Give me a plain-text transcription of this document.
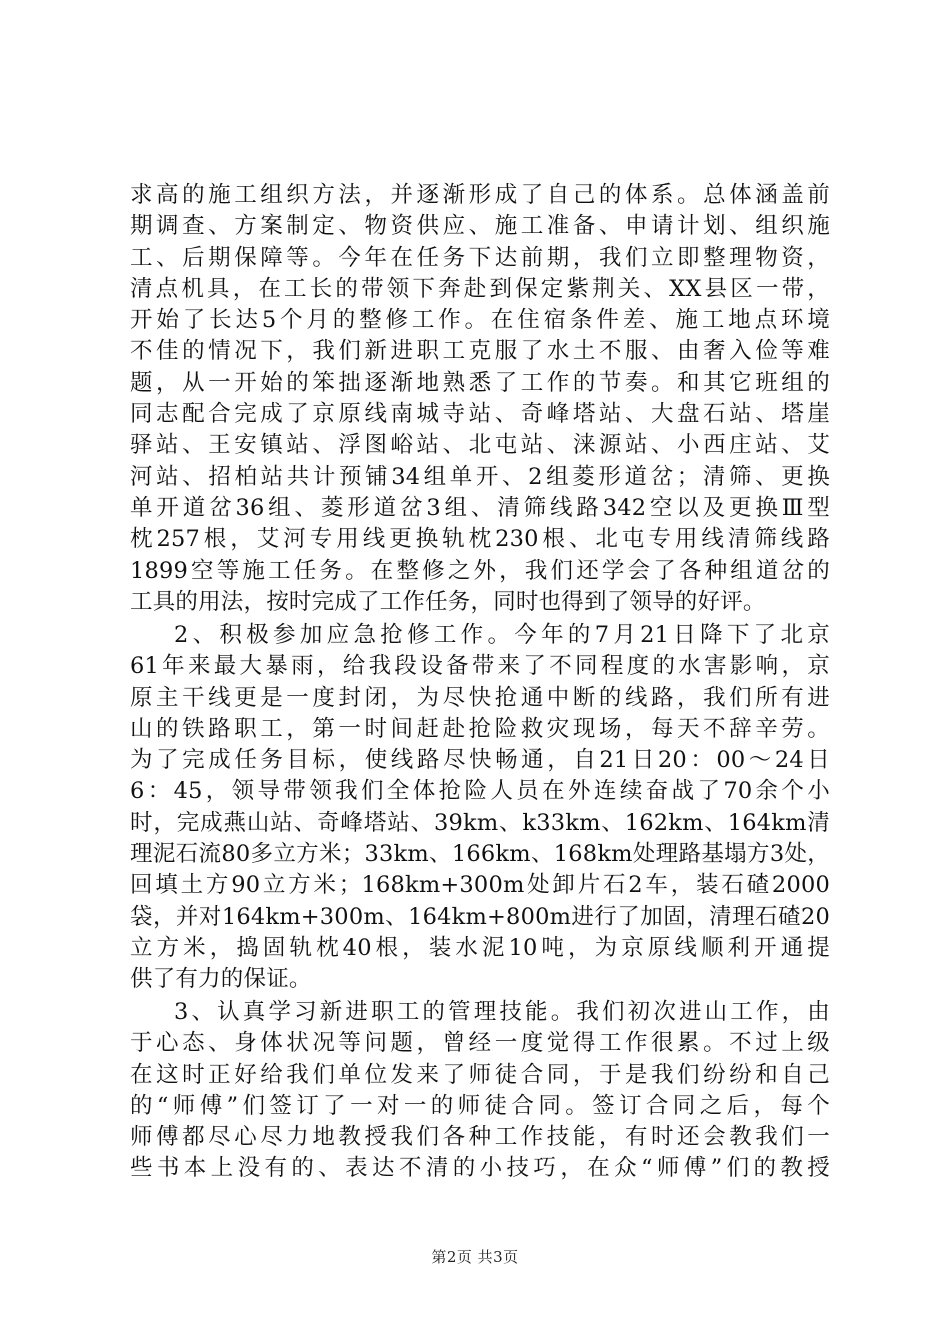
求高的施工组织方法，并逐渐形成了自己的体系。总体涵盖前
期调查、方案制定、物资供应、施工准备、申请计划、组织施
工、后期保障等。今年在任务下达前期，我们立即整理物资，
清点机具，在工长的带领下奔赴到保定紫荆关、XX县区一带，
开始了长达5个月的整修工作。在住宿条件差、施工地点环境
不佳的情况下，我们新进职工克服了水土不服、由奢入俭等难
题，从一开始的笨拙逐渐地熟悉了工作的节奏。和其它班组的
同志配合完成了京原线南城寺站、奇峰塔站、大盘石站、塔崖
驿站、王安镇站、浮图峪站、北屯站、涞源站、小西庄站、艾
河站、招柏站共计预铺34组单开、2组菱形道岔；清筛、更换
单开道岔36组、菱形道岔3组、清筛线路342空以及更换Ⅲ型
枕257根，艾河专用线更换轨枕230根、北屯专用线清筛线路
1899空等施工任务。在整修之外，我们还学会了各种组道岔的
工具的用法，按时完成了工作任务，同时也得到了领导的好评。
2、积极参加应急抢修工作。今年的7月21日降下了北京
61年来最大暴雨，给我段设备带来了不同程度的水害影响，京
原主干线更是一度封闭，为尽快抢通中断的线路，我们所有进
山的铁路职工，第一时间赶赴抢险救灾现场，每天不辞辛劳。
为了完成任务目标，使线路尽快畅通，自21日20：00～24日
6：45，领导带领我们全体抢险人员在外连续奋战了70余个小
时，完成燕山站、奇峰塔站、39km、k33km、162km、164km清
理泥石流80多立方米；33km、166km、168km处理路基塌方3处，
回填土方90立方米；168km+300m处卸片石2车，装石碴2000
袋，并对164km+300m、164km+800m进行了加固，清理石碴20
立方米，捣固轨枕40根，装水泥10吨，为京原线顺利开通提
供了有力的保证。
3、认真学习新进职工的管理技能。我们初次进山工作，由
于心态、身体状况等问题，曾经一度觉得工作很累。不过上级
在这时正好给我们单位发来了师徒合同，于是我们纷纷和自己
的“师傅”们签订了一对一的师徒合同。签订合同之后，每个
师傅都尽心尽力地教授我们各种工作技能，有时还会教我们一
些书本上没有的、表达不清的小技巧，在众“师傅”们的教授
第2页 共3页
